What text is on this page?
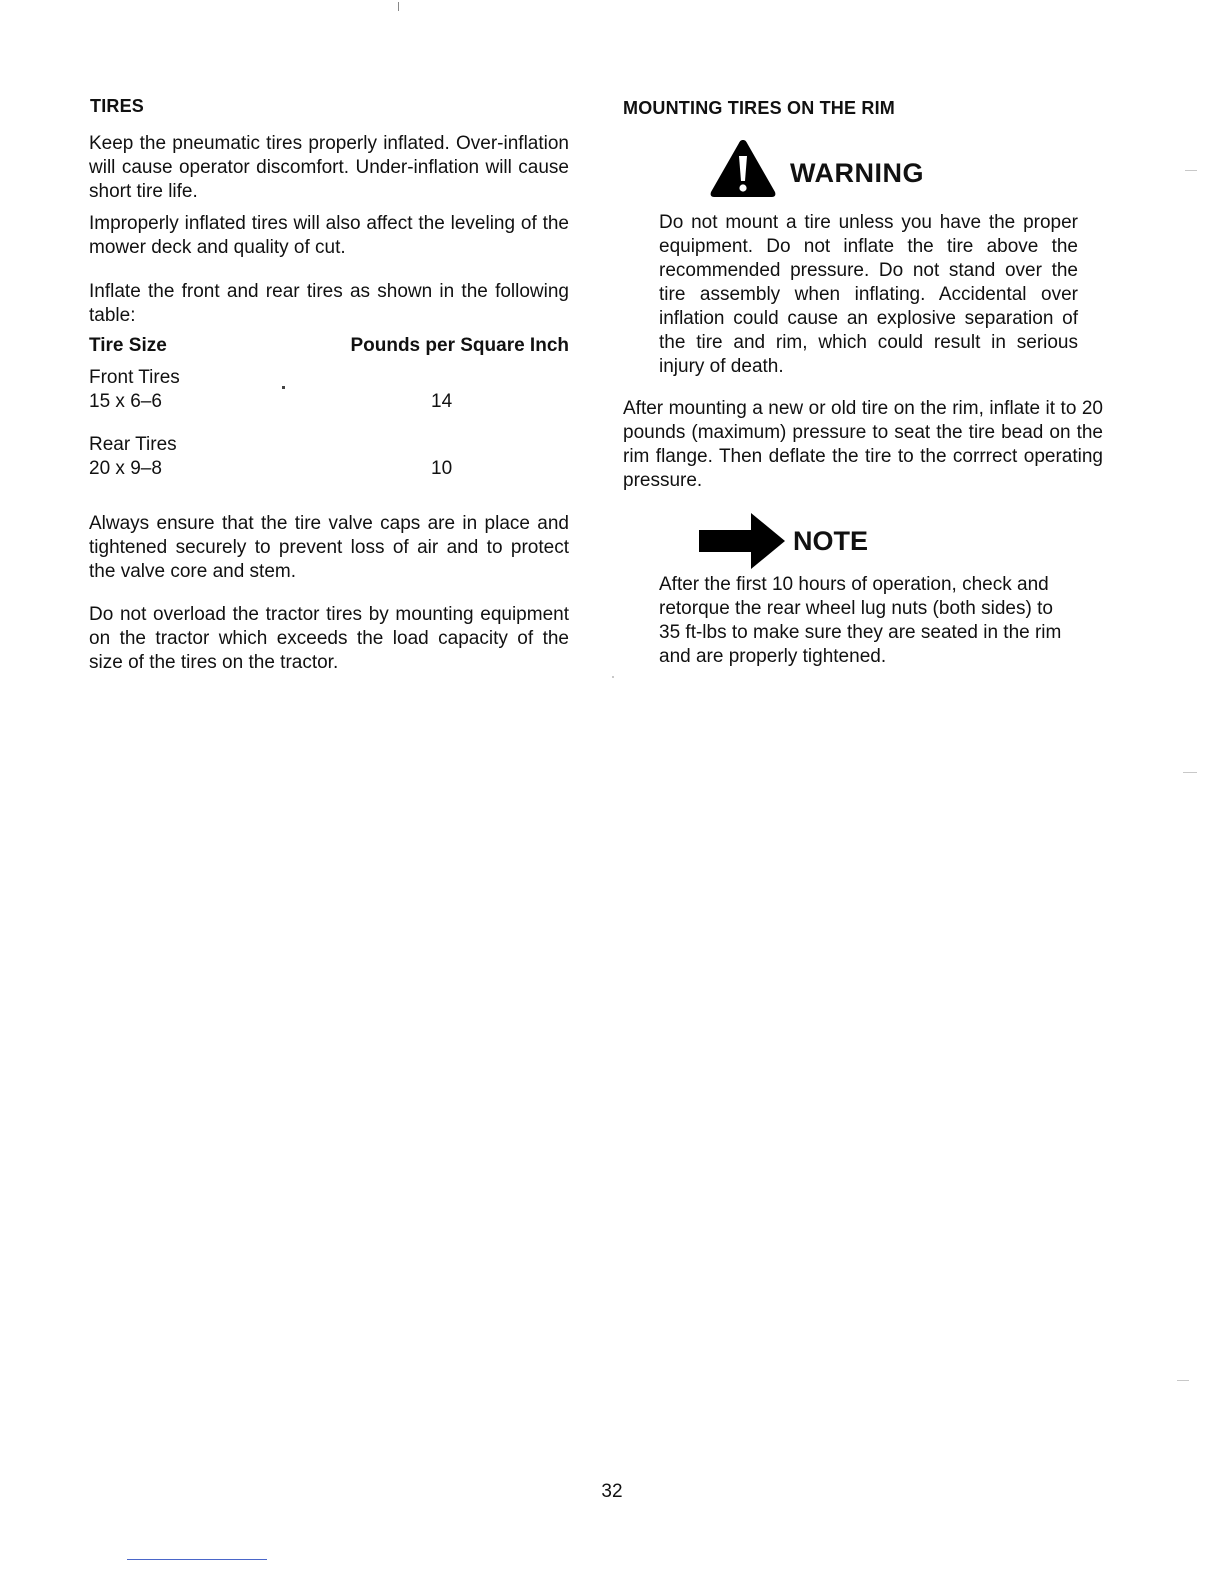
TIRES
Keep the pneumatic tires properly inflated. Over-inflation will cause operator discomfort. Under-inflation will cause short tire life.
Improperly inflated tires will also affect the leveling of the mower deck and quality of cut.
Inflate the front and rear tires as shown in the following table:
Tire Size	Pounds per Square Inch
Front Tires
15 x 6–6	14
Rear Tires
20 x 9–8	10
Always ensure that the tire valve caps are in place and tightened securely to prevent loss of air and to protect the valve core and stem.
Do not overload the tractor tires by mounting equipment on the tractor which exceeds the load capacity of the size of the tires on the tractor.
MOUNTING TIRES ON THE RIM
WARNING
Do not mount a tire unless you have the proper equipment. Do not inflate the tire above the recommended pressure. Do not stand over the tire assembly when inflating. Accidental over inflation could cause an explosive separation of the tire and rim, which could result in serious injury of death.
After mounting a new or old tire on the rim, inflate it to 20 pounds (maximum) pressure to seat the tire bead on the rim flange. Then deflate the tire to the corrrect operating pressure.
NOTE
After the first 10 hours of operation, check and retorque the rear wheel lug nuts (both sides) to 35 ft-lbs to make sure they are seated in the rim and are properly tightened.
32
